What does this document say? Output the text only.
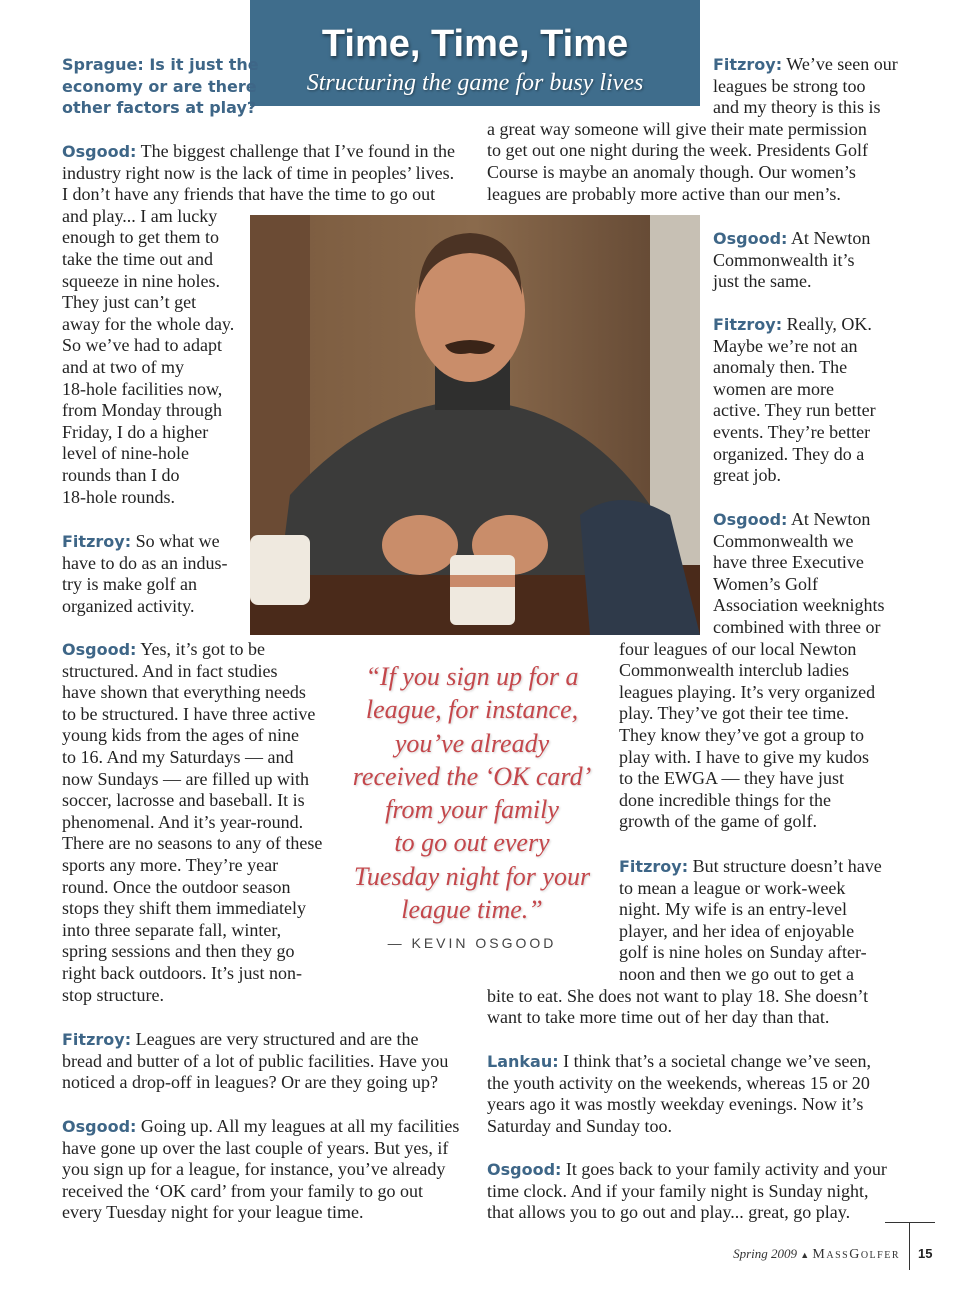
Time, Time, Time
Structuring the game for busy lives

Sprague: Is it just the
economy or are there
other factors at play?

Osgood: The biggest challenge that I’ve found in the
industry right now is the lack of time in peoples’ lives.
I don’t have any friends that have the time to go out
and play... I am lucky
enough to get them to
take the time out and
squeeze in nine holes.
They just can’t get
away for the whole day.
So we’ve had to adapt
and at two of my
18-hole facilities now,
from Monday through
Friday, I do a higher
level of nine-hole
rounds than I do
18-hole rounds.

Fitzroy: So what we
have to do as an indus-
try is make golf an
organized activity.

Osgood: Yes, it’s got to be
structured. And in fact studies
have shown that everything needs
to be structured. I have three active
young kids from the ages of nine
to 16. And my Saturdays — and
now Sundays — are filled up with
soccer, lacrosse and baseball. It is
phenomenal. And it’s year-round.
There are no seasons to any of these
sports any more. They’re year
round. Once the outdoor season
stops they shift them immediately
into three separate fall, winter,
spring sessions and then they go
right back outdoors. It’s just non-
stop structure.

Fitzroy: Leagues are very structured and are the
bread and butter of a lot of public facilities. Have you
noticed a drop-off in leagues? Or are they going up?

Osgood: Going up. All my leagues at all my facilities
have gone up over the last couple of years. But yes, if
you sign up for a league, for instance, you’ve already
received the ‘OK card’ from your family to go out
every Tuesday night for your league time.

Fitzroy: We’ve seen our
leagues be strong too
and my theory is this is
a great way someone will give their mate permission
to get out one night during the week. Presidents Golf
Course is maybe an anomaly though. Our women’s
leagues are probably more active than our men’s.

Osgood: At Newton
Commonwealth it’s
just the same.

Fitzroy: Really, OK.
Maybe we’re not an
anomaly then. The
women are more
active. They run better
events. They’re better
organized. They do a
great job.

Osgood: At Newton
Commonwealth we
have three Executive
Women’s Golf
Association weeknights
combined with three or
four leagues of our local Newton
Commonwealth interclub ladies
leagues playing. It’s very organized
play. They’ve got their tee time.
They know they’ve got a group to
play with. I have to give my kudos
to the EWGA — they have just
done incredible things for the
growth of the game of golf.

Fitzroy: But structure doesn’t have
to mean a league or work-week
night. My wife is an entry-level
player, and her idea of enjoyable
golf is nine holes on Sunday after-
noon and then we go out to get a
bite to eat. She does not want to play 18. She doesn’t
want to take more time out of her day than that.

Lankau: I think that’s a societal change we’ve seen,
the youth activity on the weekends, whereas 15 or 20
years ago it was mostly weekday evenings. Now it’s
Saturday and Sunday too.

Osgood: It goes back to your family activity and your
time clock. And if your family night is Sunday night,
that allows you to go out and play... great, go play.

“If you sign up for a
league, for instance,
you’ve already
received the ‘OK card’
from your family
to go out every
Tuesday night for your
league time.”
— KEVIN OSGOOD
Spring 2009 ▲ MassGolfer 15
